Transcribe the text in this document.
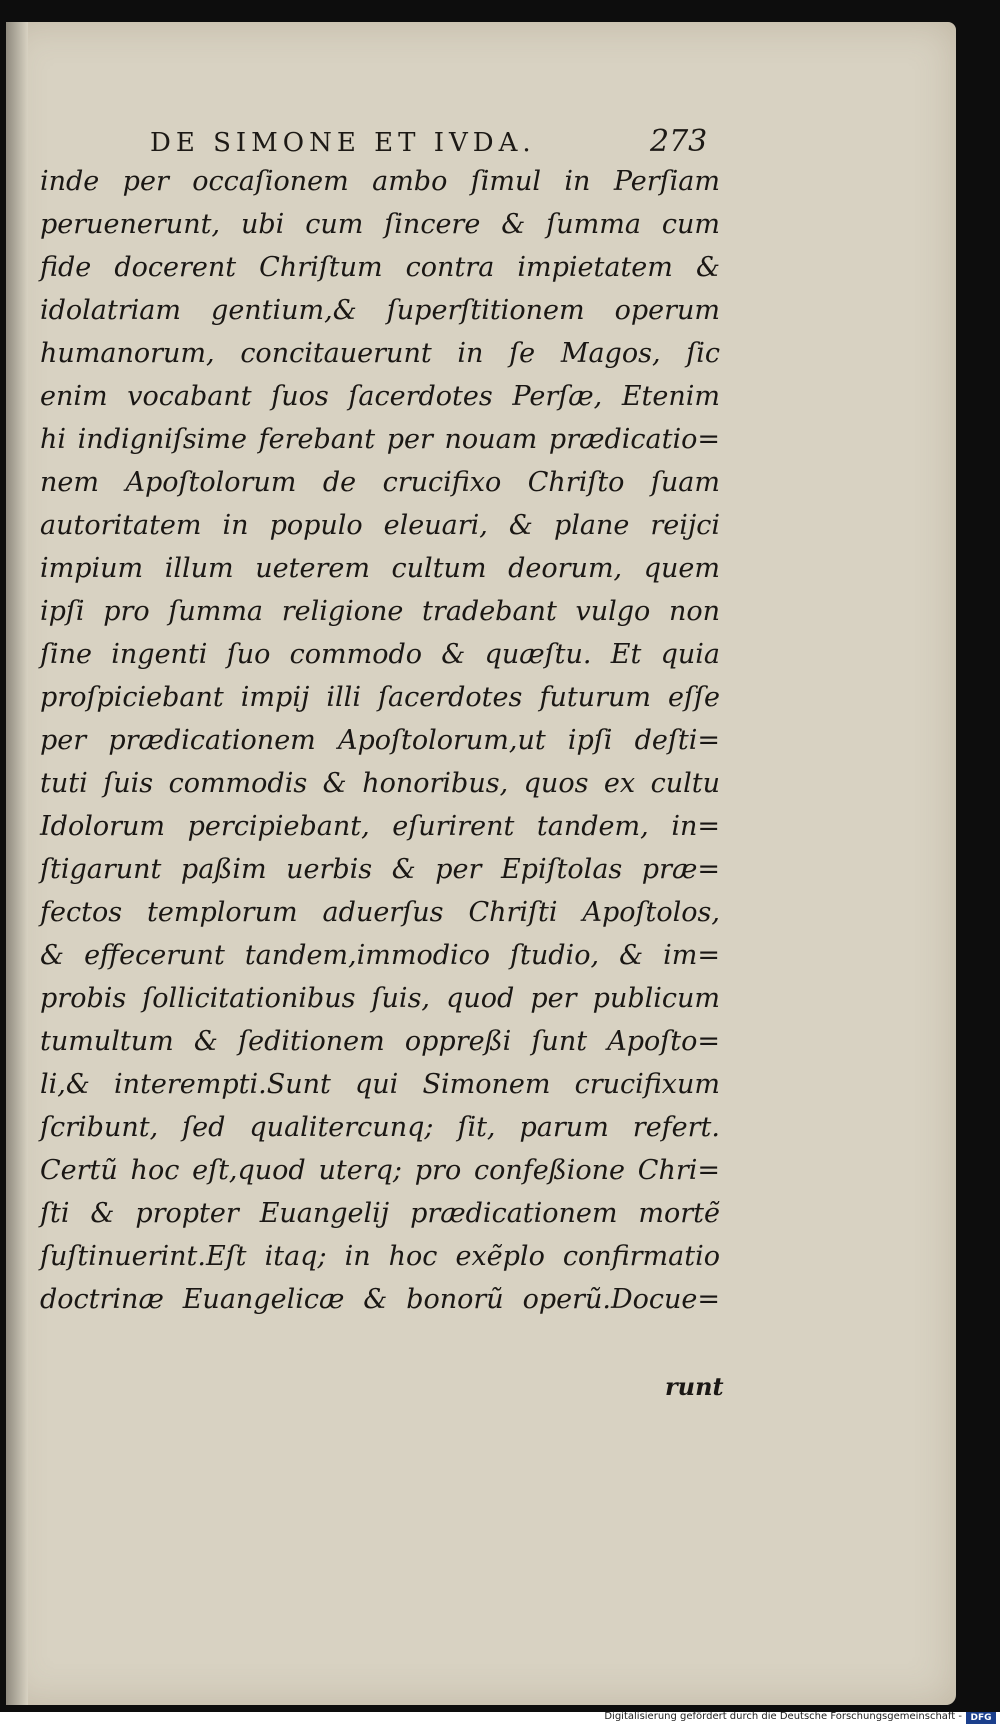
DE SIMONE ET IVDA.	273
inde per occaſionem ambo ſimul in Perſiam
peruenerunt, ubi cum ſincere & ſumma cum
fide docerent Chriſtum contra impietatem &
idolatriam gentium,& ſuperſtitionem operum
humanorum, concitauerunt in ſe Magos, ſic
enim vocabant ſuos ſacerdotes Perſæ, Etenim
hi indigniſsime ferebant per nouam prædicatio=
nem Apoſtolorum de crucifixo Chriſto ſuam
autoritatem in populo eleuari, & plane reijci
impium illum ueterem cultum deorum, quem
ipſi pro ſumma religione tradebant vulgo non
ſine ingenti ſuo commodo & quæſtu. Et quia
proſpiciebant impij illi ſacerdotes futurum eſſe
per prædicationem Apoſtolorum,ut ipſi deſti=
tuti ſuis commodis & honoribus, quos ex cultu
Idolorum percipiebant, eſurirent tandem, in=
ſtigarunt paßim uerbis & per Epiſtolas præ=
fectos templorum aduerſus Chriſti Apoſtolos,
& effecerunt tandem,immodico ſtudio, & im=
probis ſollicitationibus ſuis, quod per publicum
tumultum & ſeditionem oppreßi ſunt Apoſto=
li,& interempti.Sunt qui Simonem crucifixum
ſcribunt, ſed qualitercunq; ſit, parum refert.
Certũ hoc eſt,quod uterq; pro confeßione Chri=
ſti & propter Euangelij prædicationem mortẽ
ſuſtinuerint.Eſt itaq; in hoc exẽplo confirmatio
doctrinæ Euangelicæ & bonorũ operũ.Docue=
runt
Digitalisierung gefördert durch die Deutsche Forschungsgemeinschaft - DFG
